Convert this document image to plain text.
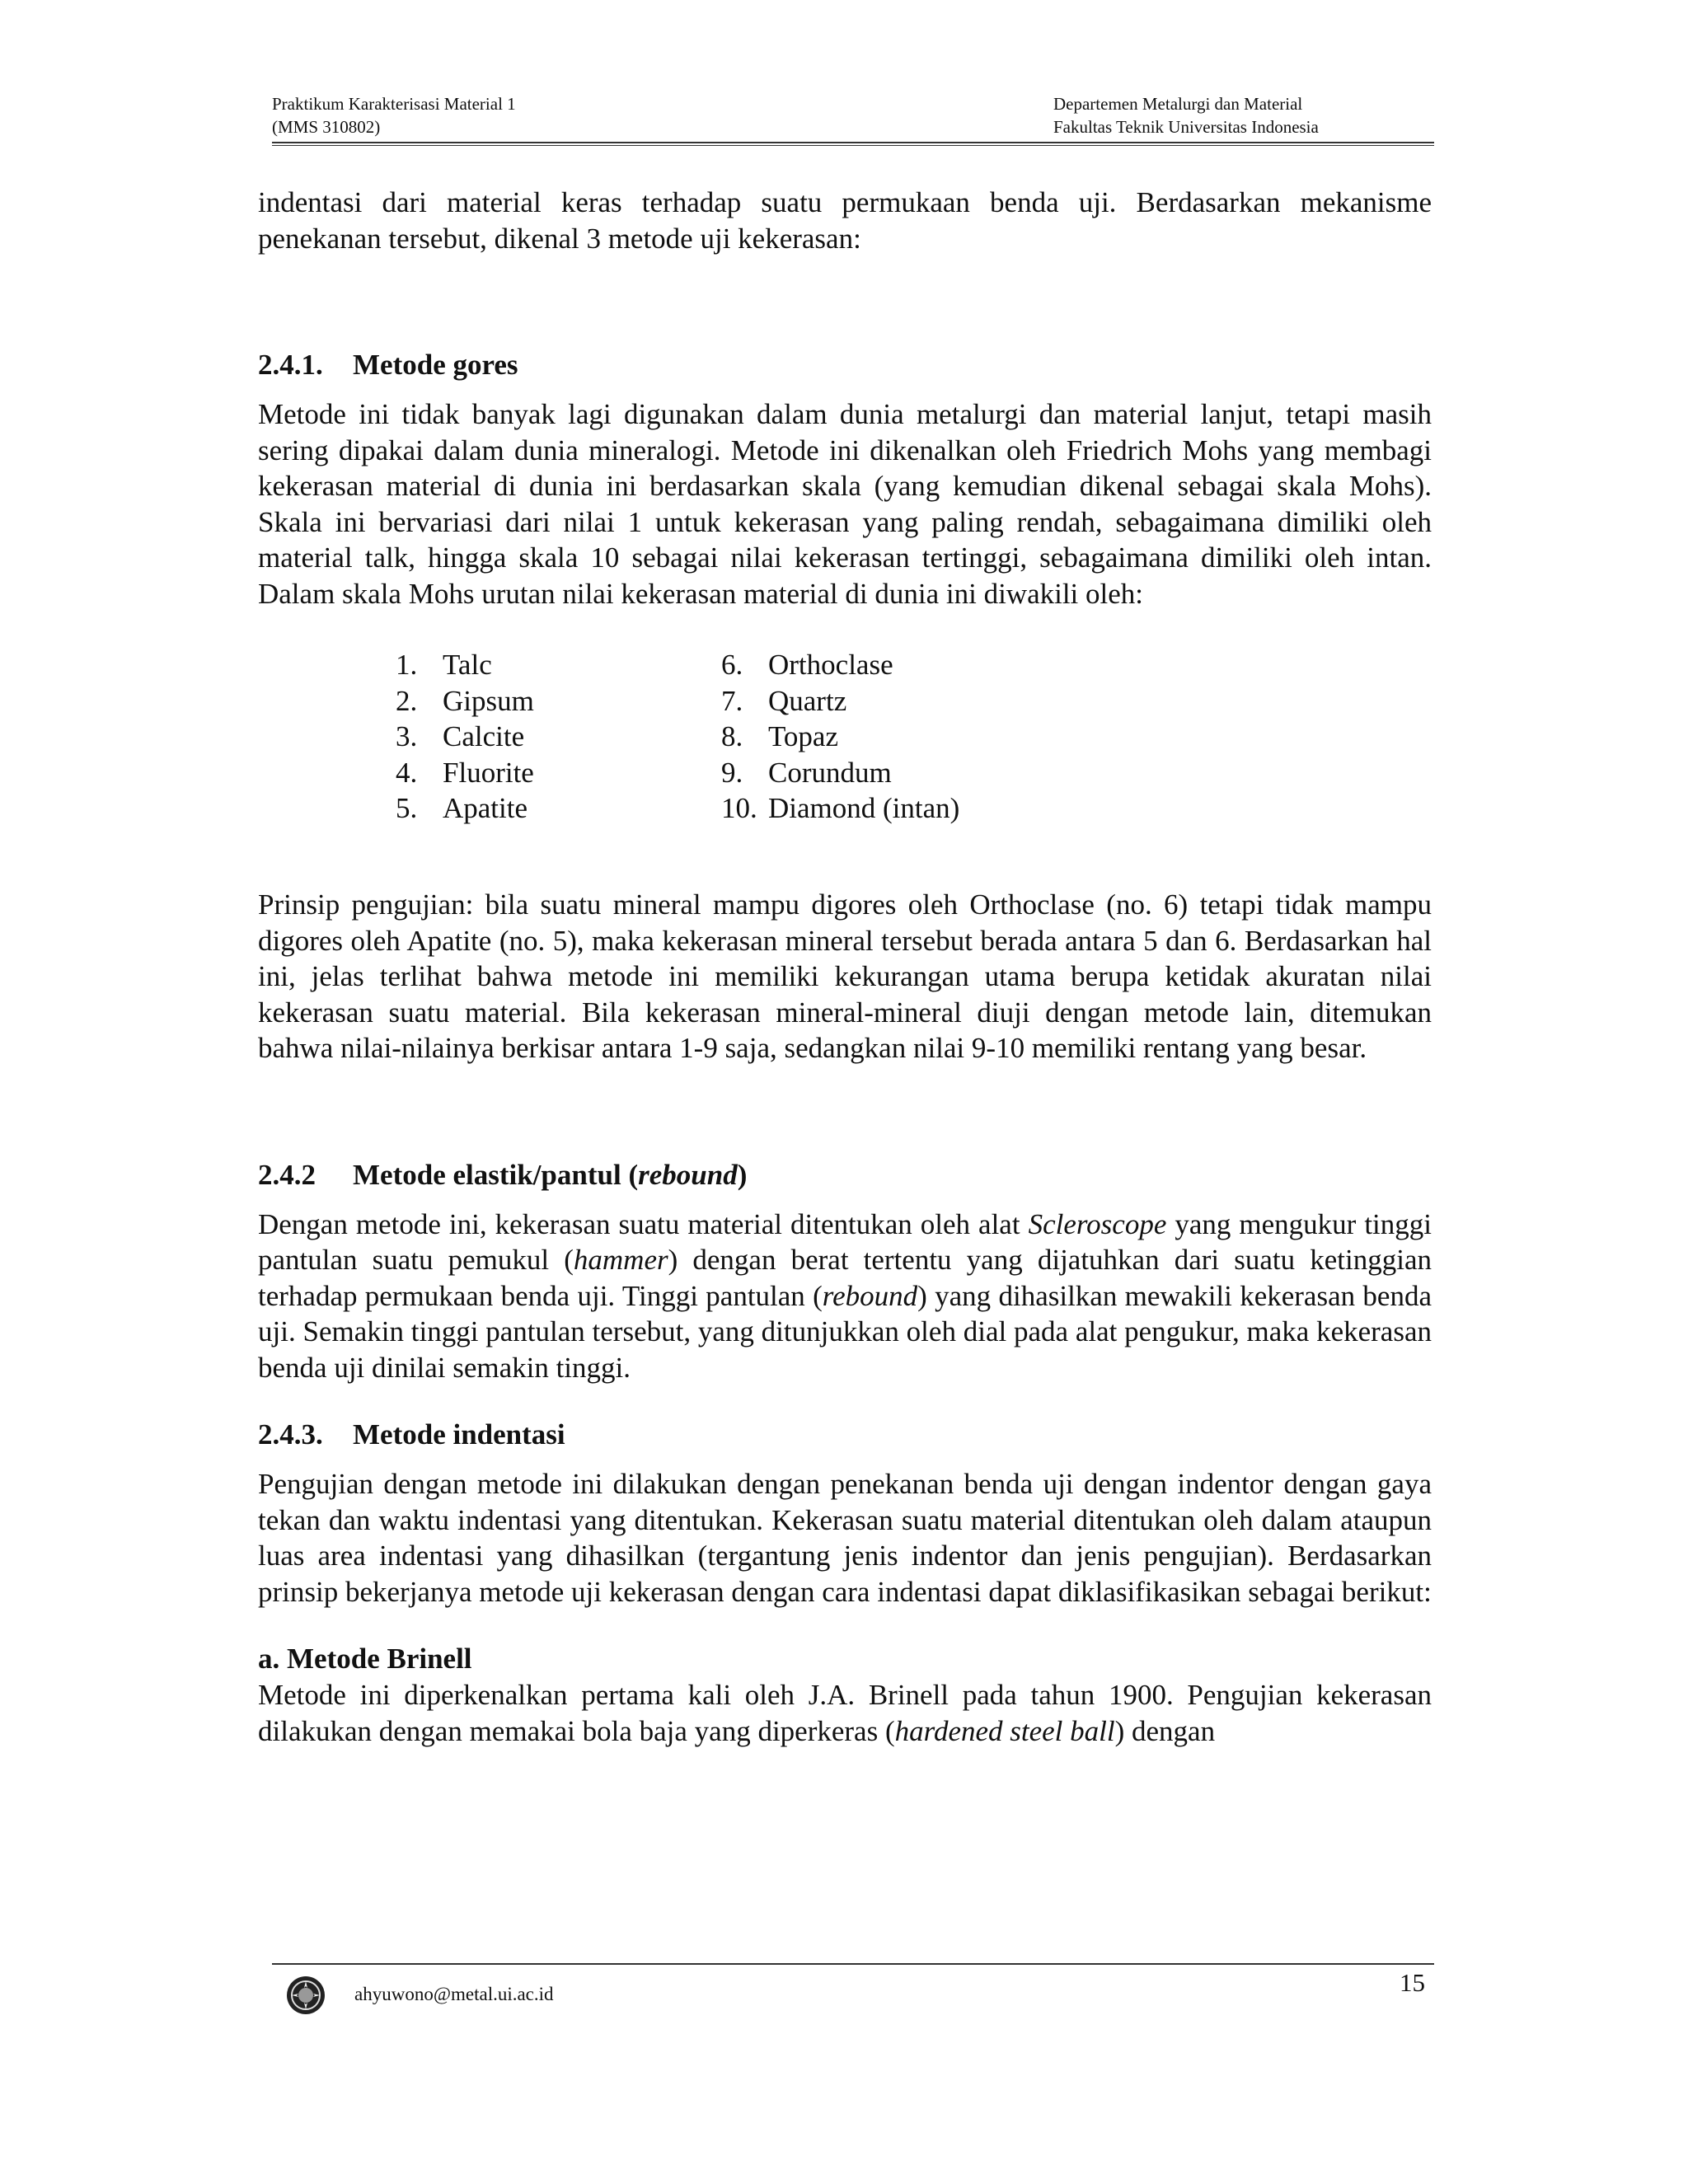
Praktikum Karakterisasi Material 1
(MMS 310802)
Departemen Metalurgi dan Material
Fakultas Teknik Universitas Indonesia

indentasi dari material keras terhadap suatu permukaan benda uji. Berdasarkan mekanisme penekanan tersebut, dikenal 3 metode uji kekerasan:

2.4.1. Metode gores

Metode ini tidak banyak lagi digunakan dalam dunia metalurgi dan material lanjut, tetapi masih sering dipakai dalam dunia mineralogi. Metode ini dikenalkan oleh Friedrich Mohs yang membagi kekerasan material di dunia ini berdasarkan skala (yang kemudian dikenal sebagai skala Mohs). Skala ini bervariasi dari nilai 1 untuk kekerasan yang paling rendah, sebagaimana dimiliki oleh material talk, hingga skala 10 sebagai nilai kekerasan tertinggi, sebagaimana dimiliki oleh intan. Dalam skala Mohs urutan nilai kekerasan material di dunia ini diwakili oleh:

1. Talc
2. Gipsum
3. Calcite
4. Fluorite
5. Apatite
6. Orthoclase
7. Quartz
8. Topaz
9. Corundum
10. Diamond (intan)

Prinsip pengujian: bila suatu mineral mampu digores oleh Orthoclase (no. 6) tetapi tidak mampu digores oleh Apatite (no. 5), maka kekerasan mineral tersebut berada antara 5 dan 6. Berdasarkan hal ini, jelas terlihat bahwa metode ini memiliki kekurangan utama berupa ketidak akuratan nilai kekerasan suatu material. Bila kekerasan mineral-mineral diuji dengan metode lain, ditemukan bahwa nilai-nilainya berkisar antara 1-9 saja, sedangkan nilai 9-10 memiliki rentang yang besar.

2.4.2 Metode elastik/pantul (rebound)

Dengan metode ini, kekerasan suatu material ditentukan oleh alat Scleroscope yang mengukur tinggi pantulan suatu pemukul (hammer) dengan berat tertentu yang dijatuhkan dari suatu ketinggian terhadap permukaan benda uji. Tinggi pantulan (rebound) yang dihasilkan mewakili kekerasan benda uji. Semakin tinggi pantulan tersebut, yang ditunjukkan oleh dial pada alat pengukur, maka kekerasan benda uji dinilai semakin tinggi.

2.4.3. Metode indentasi

Pengujian dengan metode ini dilakukan dengan penekanan benda uji dengan indentor dengan gaya tekan dan waktu indentasi yang ditentukan. Kekerasan suatu material ditentukan oleh dalam ataupun luas area indentasi yang dihasilkan (tergantung jenis indentor dan jenis pengujian). Berdasarkan prinsip bekerjanya metode uji kekerasan dengan cara indentasi dapat diklasifikasikan sebagai berikut:

a. Metode Brinell

Metode ini diperkenalkan pertama kali oleh J.A. Brinell pada tahun 1900. Pengujian kekerasan dilakukan dengan memakai bola baja yang diperkeras (hardened steel ball) dengan

ahyuwono@metal.ui.ac.id	15
